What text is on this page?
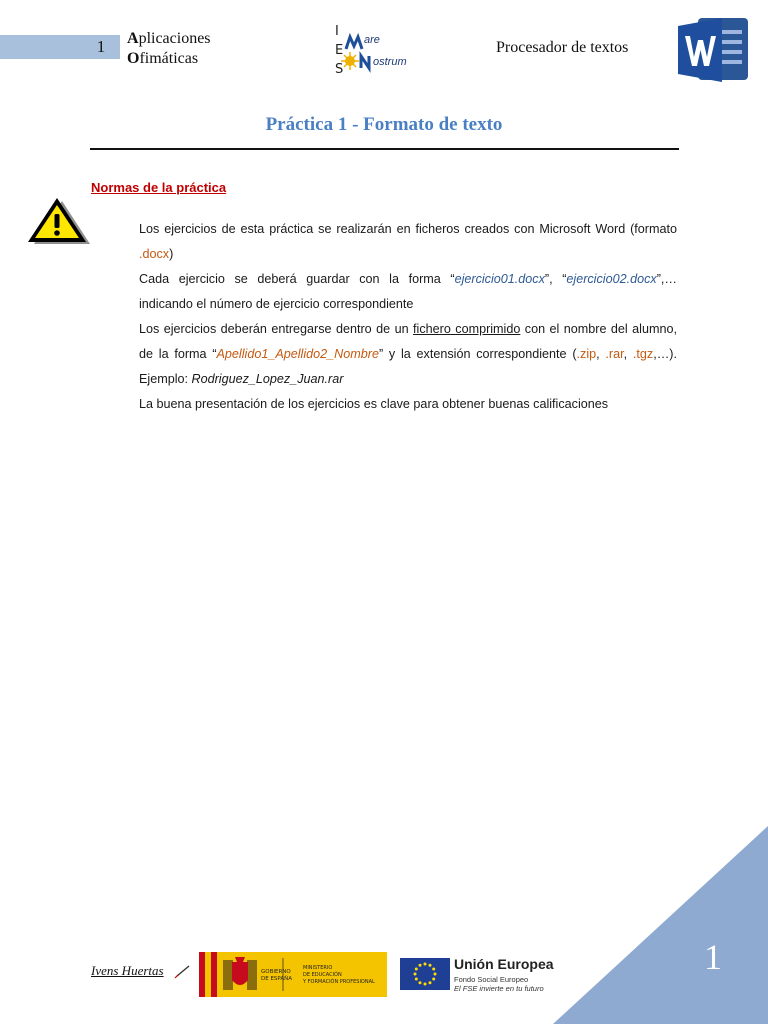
1 Aplicaciones
Ofimáticas
I
E
S
are
ostrum
Procesador de textos
Práctica 1 - Formato de texto
Normas de la práctica

Los ejercicios de esta práctica se realizarán en ficheros creados con Microsoft Word (formato .docx)

Cada ejercicio se deberá guardar con la forma “ejercicio01.docx”, “ejercicio02.docx”,… indicando el número de ejercicio correspondiente

Los ejercicios deberán entregarse dentro de un fichero comprimido con el nombre del alumno, de la forma “Apellido1_Apellido2_Nombre” y la extensión correspondiente (.zip, .rar, .tgz,…). Ejemplo: Rodriguez_Lopez_Juan.rar

La buena presentación de los ejercicios es clave para obtener buenas calificaciones

1
Ivens Huertas	GOBIERNO
DE ESPAÑA
MINISTERIO
DE EDUCACIÓN
Y FORMACIÓN PROFESIONAL
Unión Europea
Fondo Social Europeo
El FSE invierte en tu futuro
